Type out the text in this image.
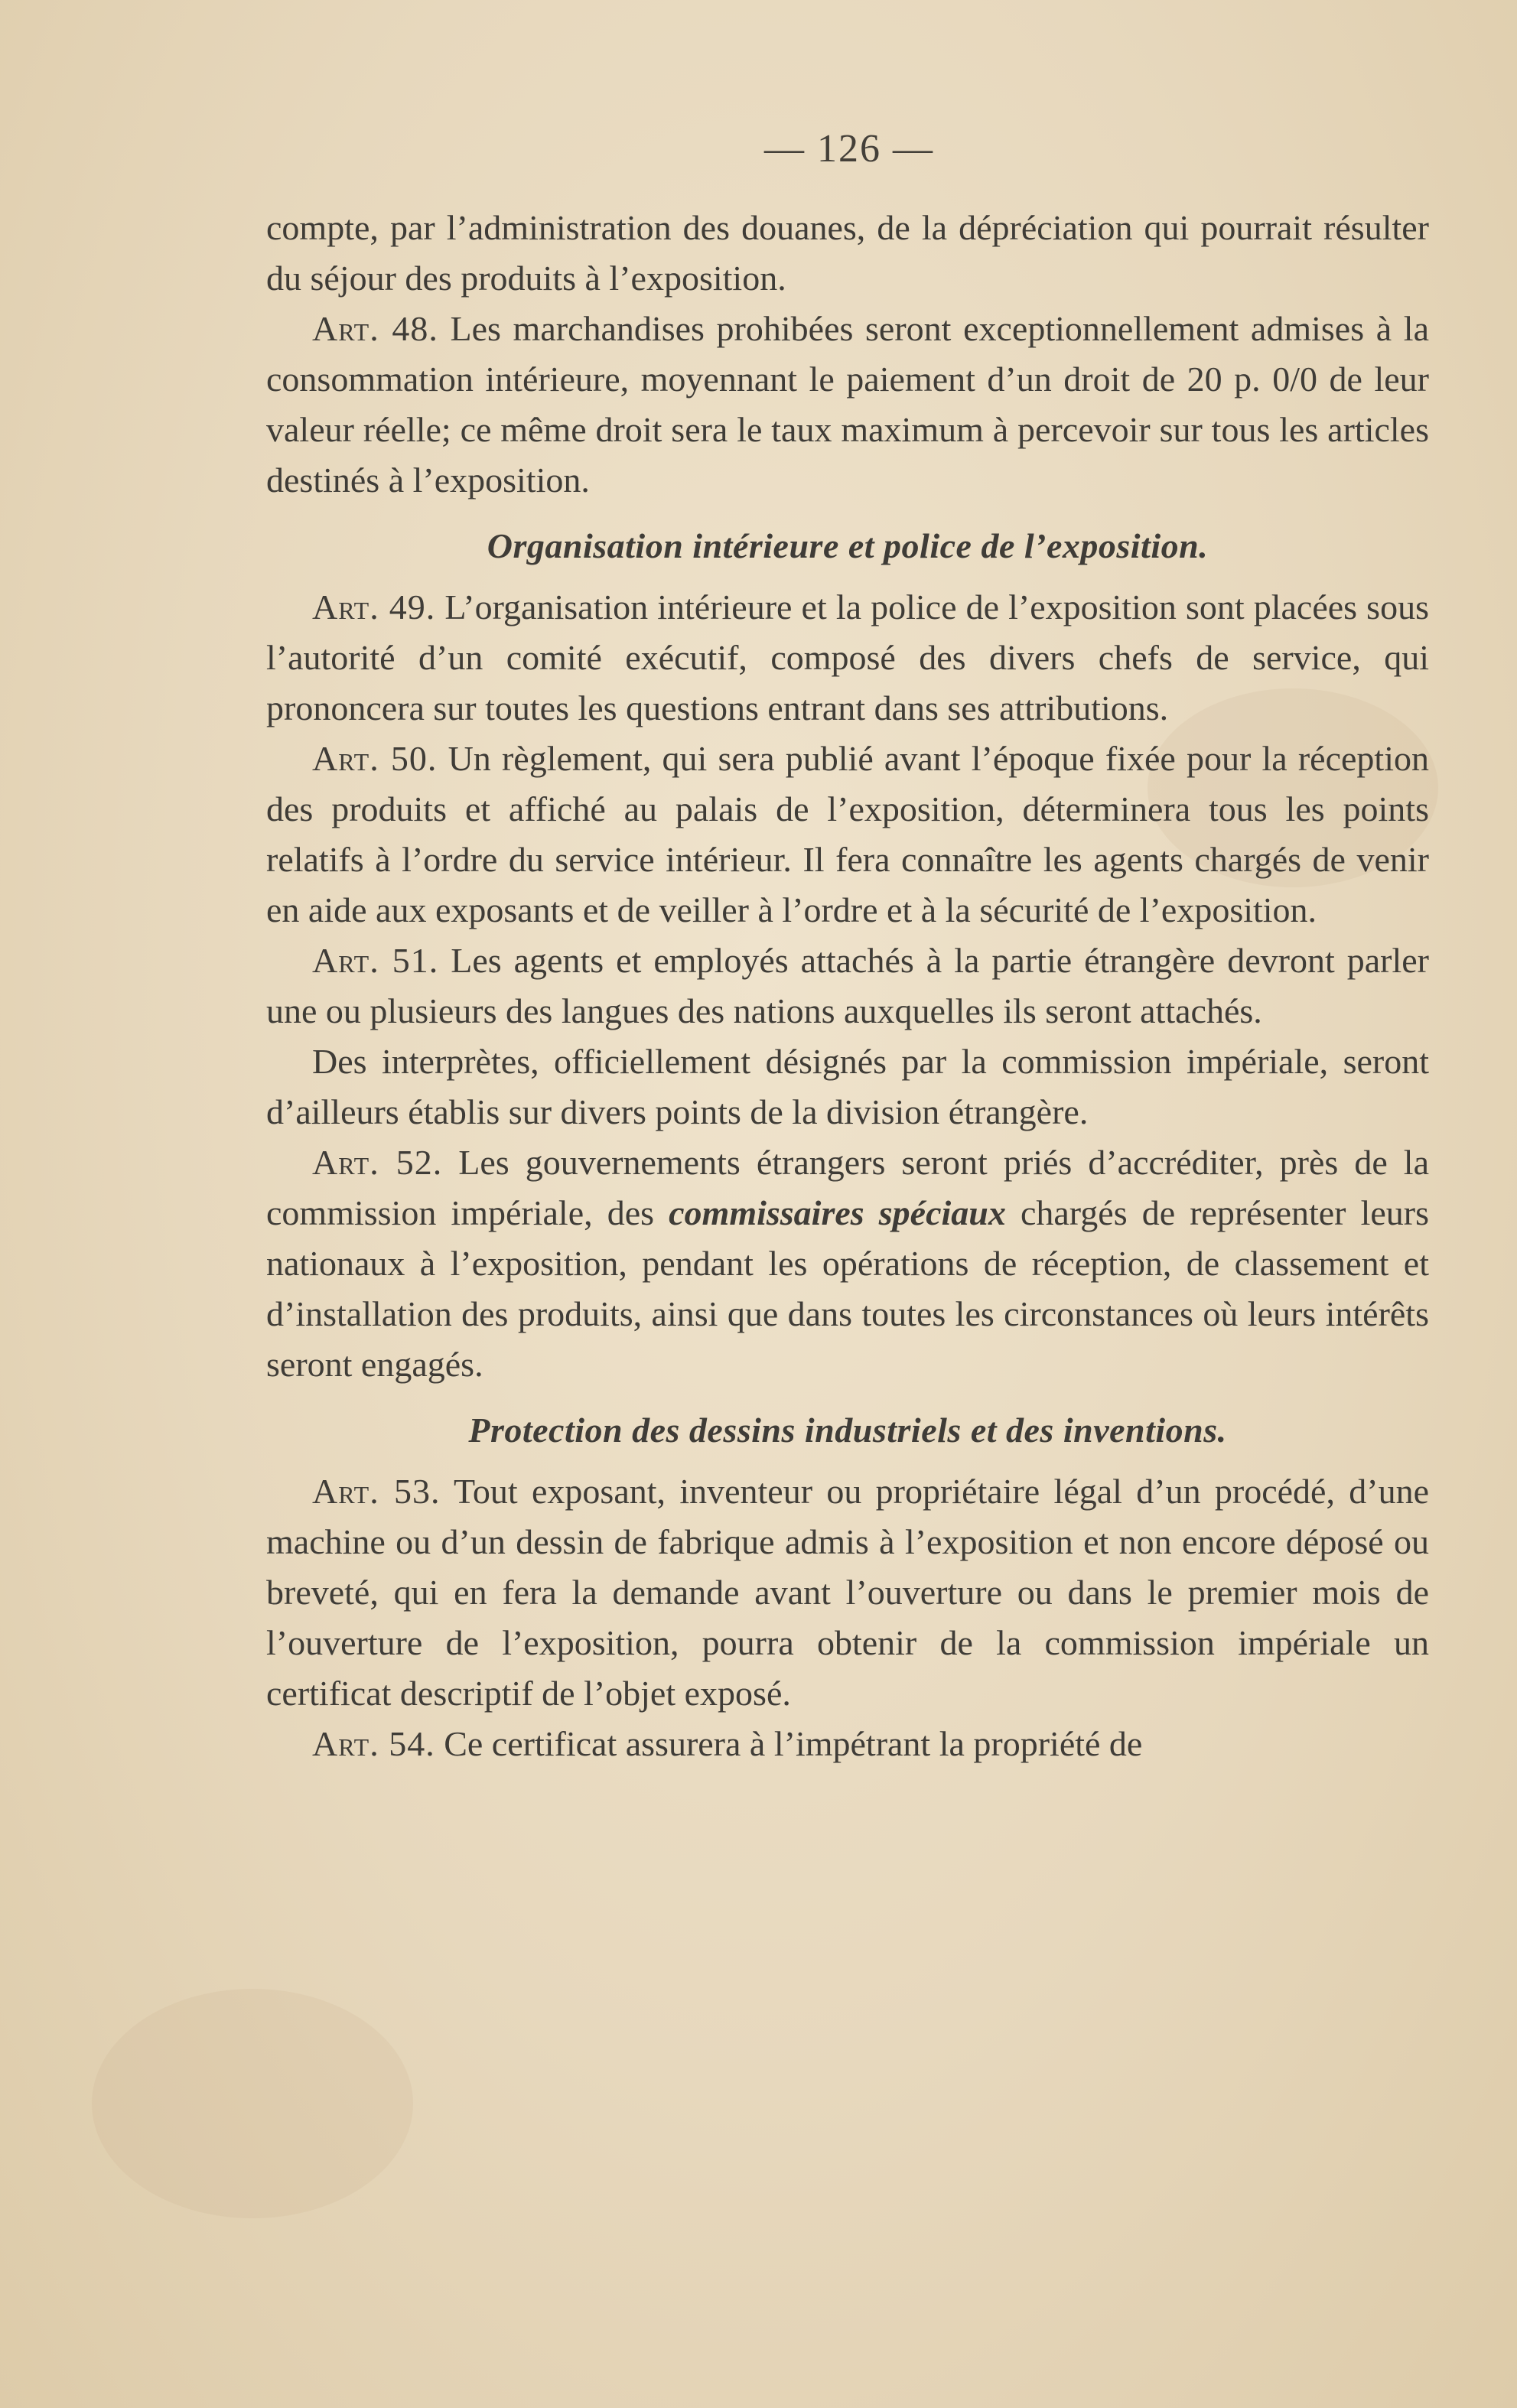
— 126 —

compte, par l’administration des douanes, de la dépréciation qui pourrait résulter du séjour des produits à l’exposition.

Art. 48. Les marchandises prohibées seront exceptionnellement admises à la consommation intérieure, moyennant le paiement d’un droit de 20 p. 0/0 de leur valeur réelle; ce même droit sera le taux maximum à percevoir sur tous les articles destinés à l’exposition.

Organisation intérieure et police de l’exposition.

Art. 49. L’organisation intérieure et la police de l’exposition sont placées sous l’autorité d’un comité exécutif, composé des divers chefs de service, qui prononcera sur toutes les questions entrant dans ses attributions.

Art. 50. Un règlement, qui sera publié avant l’époque fixée pour la réception des produits et affiché au palais de l’exposition, déterminera tous les points relatifs à l’ordre du service intérieur. Il fera connaître les agents chargés de venir en aide aux exposants et de veiller à l’ordre et à la sécurité de l’exposition.

Art. 51. Les agents et employés attachés à la partie étrangère devront parler une ou plusieurs des langues des nations auxquelles ils seront attachés.

Des interprètes, officiellement désignés par la commission impériale, seront d’ailleurs établis sur divers points de la division étrangère.

Art. 52. Les gouvernements étrangers seront priés d’accréditer, près de la commission impériale, des commissaires spéciaux chargés de représenter leurs nationaux à l’exposition, pendant les opérations de réception, de classement et d’installation des produits, ainsi que dans toutes les circonstances où leurs intérêts seront engagés.

Protection des dessins industriels et des inventions.

Art. 53. Tout exposant, inventeur ou propriétaire légal d’un procédé, d’une machine ou d’un dessin de fabrique admis à l’exposition et non encore déposé ou breveté, qui en fera la demande avant l’ouverture ou dans le premier mois de l’ouverture de l’exposition, pourra obtenir de la commission impériale un certificat descriptif de l’objet exposé.

Art. 54. Ce certificat assurera à l’impétrant la propriété de
